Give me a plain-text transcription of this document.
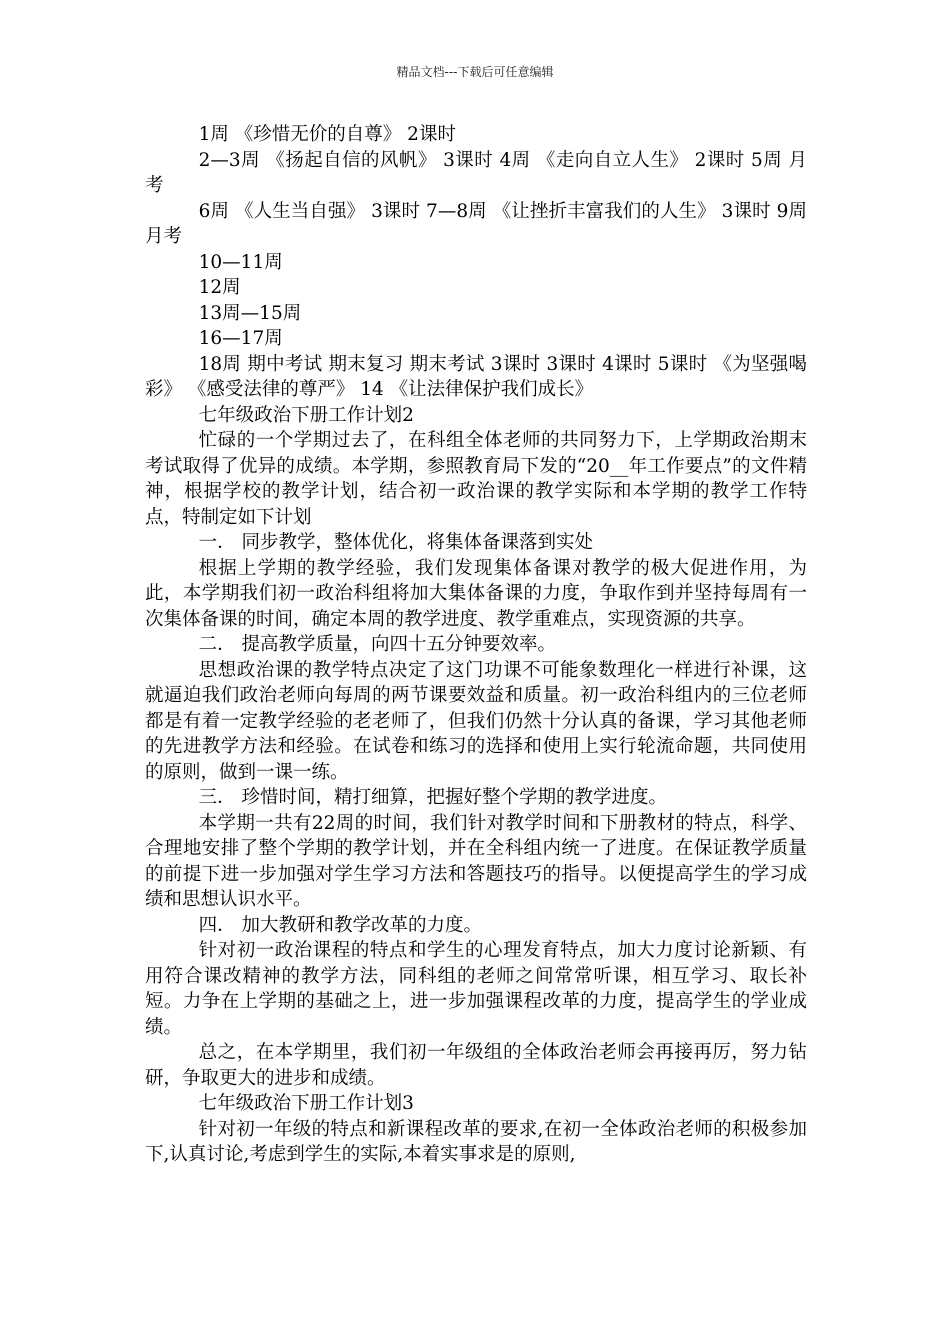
精品文档---下载后可任意编辑

1周 《珍惜无价的自尊》 2课时

2—3周 《扬起自信的风帆》 3课时 4周 《走向自立人生》 2课时 5周 月考

6周 《人生当自强》 3课时 7—8周 《让挫折丰富我们的人生》 3课时 9周 月考

10—11周

12周

13周—15周

16—17周

18周 期中考试 期末复习 期末考试 3课时 3课时 4课时 5课时 《为坚强喝彩》 《感受法律的尊严》 14 《让法律保护我们成长》

七年级政治下册工作计划2

忙碌的一个学期过去了，在科组全体老师的共同努力下，上学期政治期末考试取得了优异的成绩。本学期，参照教育局下发的“20__年工作要点”的文件精神，根据学校的教学计划，结合初一政治课的教学实际和本学期的教学工作特点，特制定如下计划

一． 同步教学，整体优化，将集体备课落到实处

根据上学期的教学经验，我们发现集体备课对教学的极大促进作用，为此，本学期我们初一政治科组将加大集体备课的力度，争取作到并坚持每周有一次集体备课的时间，确定本周的教学进度、教学重难点，实现资源的共享。

二． 提高教学质量，向四十五分钟要效率。

思想政治课的教学特点决定了这门功课不可能象数理化一样进行补课，这就逼迫我们政治老师向每周的两节课要效益和质量。初一政治科组内的三位老师都是有着一定教学经验的老老师了，但我们仍然十分认真的备课，学习其他老师的先进教学方法和经验。在试卷和练习的选择和使用上实行轮流命题，共同使用的原则，做到一课一练。

三． 珍惜时间，精打细算，把握好整个学期的教学进度。

本学期一共有22周的时间，我们针对教学时间和下册教材的特点，科学、合理地安排了整个学期的教学计划，并在全科组内统一了进度。在保证教学质量的前提下进一步加强对学生学习方法和答题技巧的指导。以便提高学生的学习成绩和思想认识水平。

四． 加大教研和教学改革的力度。

针对初一政治课程的特点和学生的心理发育特点，加大力度讨论新颖、有用符合课改精神的教学方法，同科组的老师之间常常听课，相互学习、取长补短。力争在上学期的基础之上，进一步加强课程改革的力度，提高学生的学业成绩。

总之，在本学期里，我们初一年级组的全体政治老师会再接再厉，努力钻研，争取更大的进步和成绩。

七年级政治下册工作计划3

针对初一年级的特点和新课程改革的要求,在初一全体政治老师的积极参加下,认真讨论,考虑到学生的实际,本着实事求是的原则,
